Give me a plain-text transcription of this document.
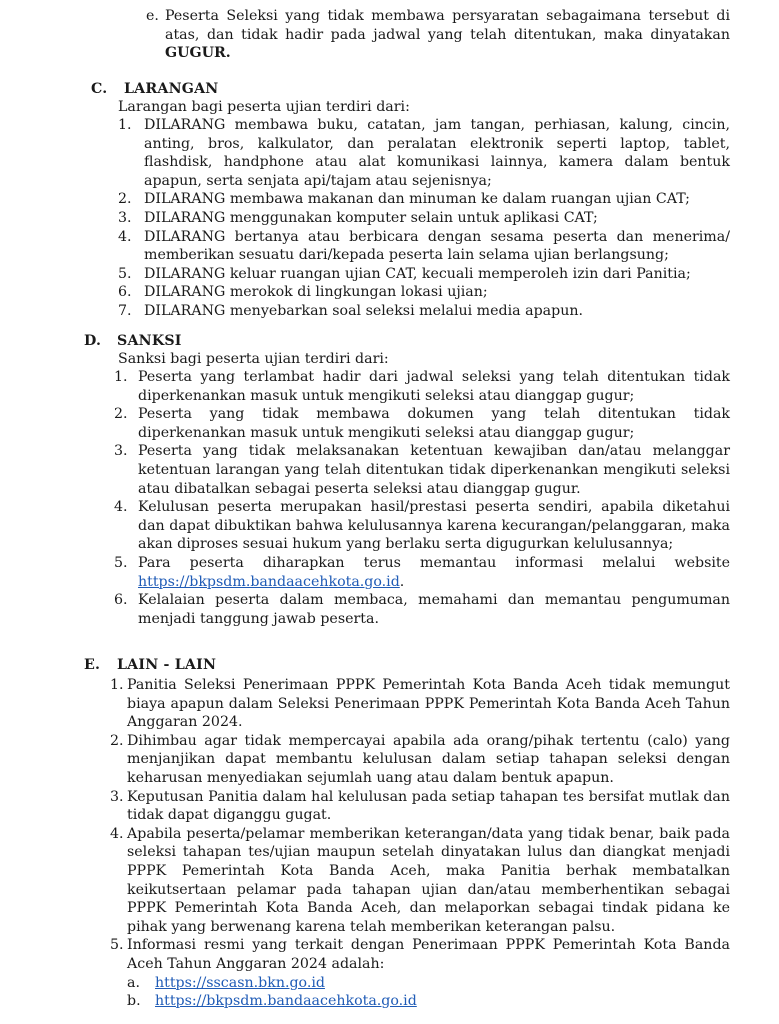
e. Peserta Seleksi yang tidak membawa persyaratan sebagaimana tersebut di atas, dan tidak hadir pada jadwal yang telah ditentukan, maka dinyatakan GUGUR.
C. LARANGAN
Larangan bagi peserta ujian terdiri dari:
1. DILARANG membawa buku, catatan, jam tangan, perhiasan, kalung, cincin, anting, bros, kalkulator, dan peralatan elektronik seperti laptop, tablet, flashdisk, handphone atau alat komunikasi lainnya, kamera dalam bentuk apapun, serta senjata api/tajam atau sejenisnya;
2. DILARANG membawa makanan dan minuman ke dalam ruangan ujian CAT;
3. DILARANG menggunakan komputer selain untuk aplikasi CAT;
4. DILARANG bertanya atau berbicara dengan sesama peserta dan menerima/ memberikan sesuatu dari/kepada peserta lain selama ujian berlangsung;
5. DILARANG keluar ruangan ujian CAT, kecuali memperoleh izin dari Panitia;
6. DILARANG merokok di lingkungan lokasi ujian;
7. DILARANG menyebarkan soal seleksi melalui media apapun.
D. SANKSI
Sanksi bagi peserta ujian terdiri dari:
1. Peserta yang terlambat hadir dari jadwal seleksi yang telah ditentukan tidak diperkenankan masuk untuk mengikuti seleksi atau dianggap gugur;
2. Peserta yang tidak membawa dokumen yang telah ditentukan tidak diperkenankan masuk untuk mengikuti seleksi atau dianggap gugur;
3. Peserta yang tidak melaksanakan ketentuan kewajiban dan/atau melanggar ketentuan larangan yang telah ditentukan tidak diperkenankan mengikuti seleksi atau dibatalkan sebagai peserta seleksi atau dianggap gugur.
4. Kelulusan peserta merupakan hasil/prestasi peserta sendiri, apabila diketahui dan dapat dibuktikan bahwa kelulusannya karena kecurangan/pelanggaran, maka akan diproses sesuai hukum yang berlaku serta digugurkan kelulusannya;
5. Para peserta diharapkan terus memantau informasi melalui website https://bkpsdm.bandaacehkota.go.id.
6. Kelalaian peserta dalam membaca, memahami dan memantau pengumuman menjadi tanggung jawab peserta.
E. LAIN - LAIN
1. Panitia Seleksi Penerimaan PPPK Pemerintah Kota Banda Aceh tidak memungut biaya apapun dalam Seleksi Penerimaan PPPK Pemerintah Kota Banda Aceh Tahun Anggaran 2024.
2. Dihimbau agar tidak mempercayai apabila ada orang/pihak tertentu (calo) yang menjanjikan dapat membantu kelulusan dalam setiap tahapan seleksi dengan keharusan menyediakan sejumlah uang atau dalam bentuk apapun.
3. Keputusan Panitia dalam hal kelulusan pada setiap tahapan tes bersifat mutlak dan tidak dapat diganggu gugat.
4. Apabila peserta/pelamar memberikan keterangan/data yang tidak benar, baik pada seleksi tahapan tes/ujian maupun setelah dinyatakan lulus dan diangkat menjadi PPPK Pemerintah Kota Banda Aceh, maka Panitia berhak membatalkan keikutsertaan pelamar pada tahapan ujian dan/atau memberhentikan sebagai PPPK Pemerintah Kota Banda Aceh, dan melaporkan sebagai tindak pidana ke pihak yang berwenang karena telah memberikan keterangan palsu.
5. Informasi resmi yang terkait dengan Penerimaan PPPK Pemerintah Kota Banda Aceh Tahun Anggaran 2024 adalah:
a. https://sscasn.bkn.go.id
b. https://bkpsdm.bandaacehkota.go.id
